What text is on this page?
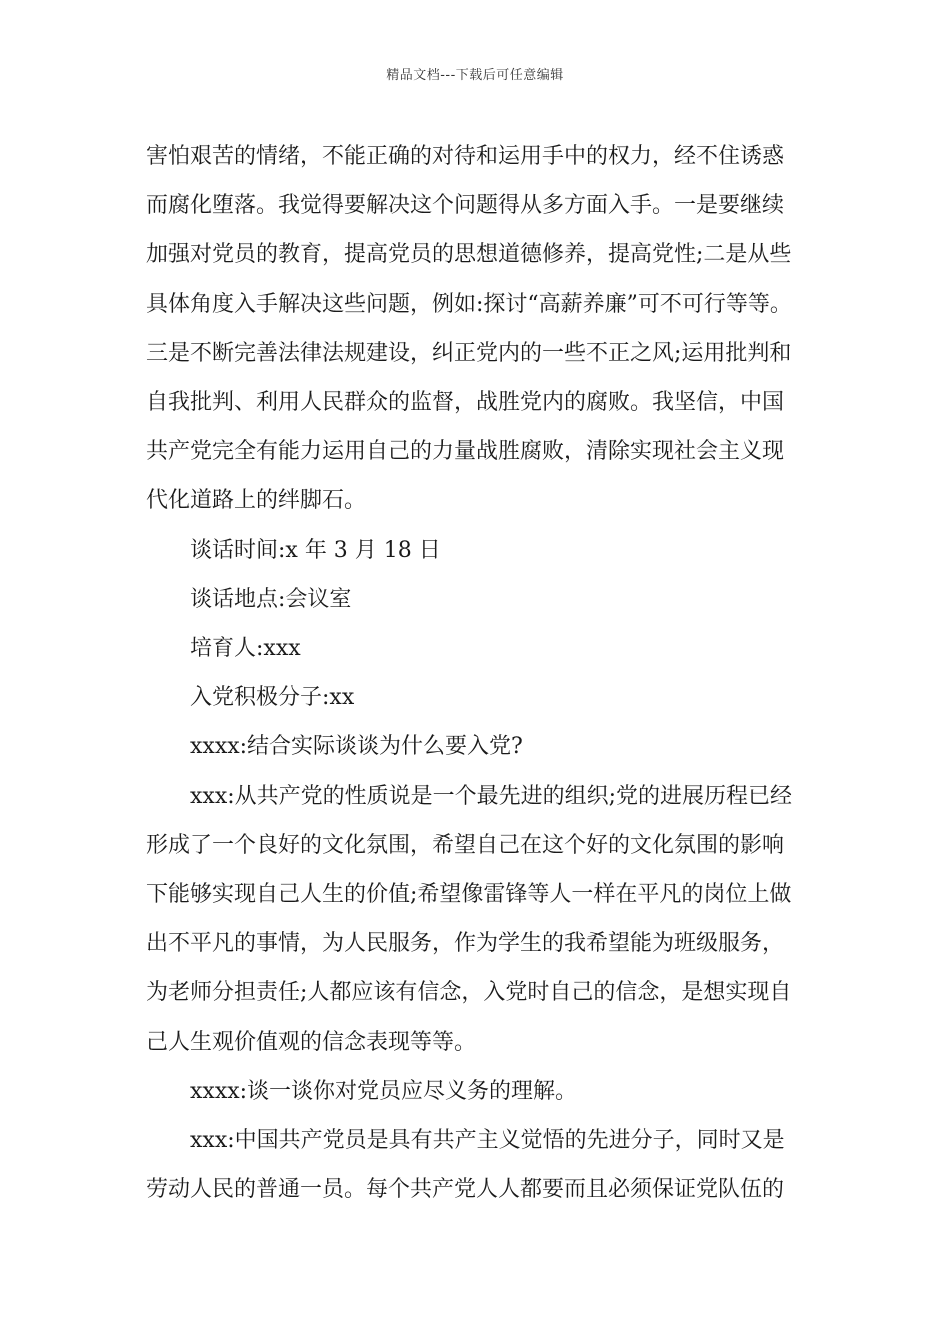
精品文档---下载后可任意编辑

害怕艰苦的情绪，不能正确的对待和运用手中的权力，经不住诱惑

而腐化堕落。我觉得要解决这个问题得从多方面入手。一是要继续

加强对党员的教育，提高党员的思想道德修养，提高党性;二是从些

具体角度入手解决这些问题，例如:探讨“高薪养廉”可不可行等等。

三是不断完善法律法规建设，纠正党内的一些不正之风;运用批判和

自我批判、利用人民群众的监督，战胜党内的腐败。我坚信，中国

共产党完全有能力运用自己的力量战胜腐败，清除实现社会主义现

代化道路上的绊脚石。

谈话时间:x 年 3 月 18 日

谈话地点:会议室

培育人:xxx

入党积极分子:xx

xxxx:结合实际谈谈为什么要入党?

xxx:从共产党的性质说是一个最先进的组织;党的进展历程已经

形成了一个良好的文化氛围，希望自己在这个好的文化氛围的影响

下能够实现自己人生的价值;希望像雷锋等人一样在平凡的岗位上做

出不平凡的事情，为人民服务，作为学生的我希望能为班级服务，

为老师分担责任;人都应该有信念，入党时自己的信念，是想实现自

己人生观价值观的信念表现等等。

xxxx:谈一谈你对党员应尽义务的理解。

xxx:中国共产党员是具有共产主义觉悟的先进分子，同时又是

劳动人民的普通一员。每个共产党人人都要而且必须保证党队伍的
